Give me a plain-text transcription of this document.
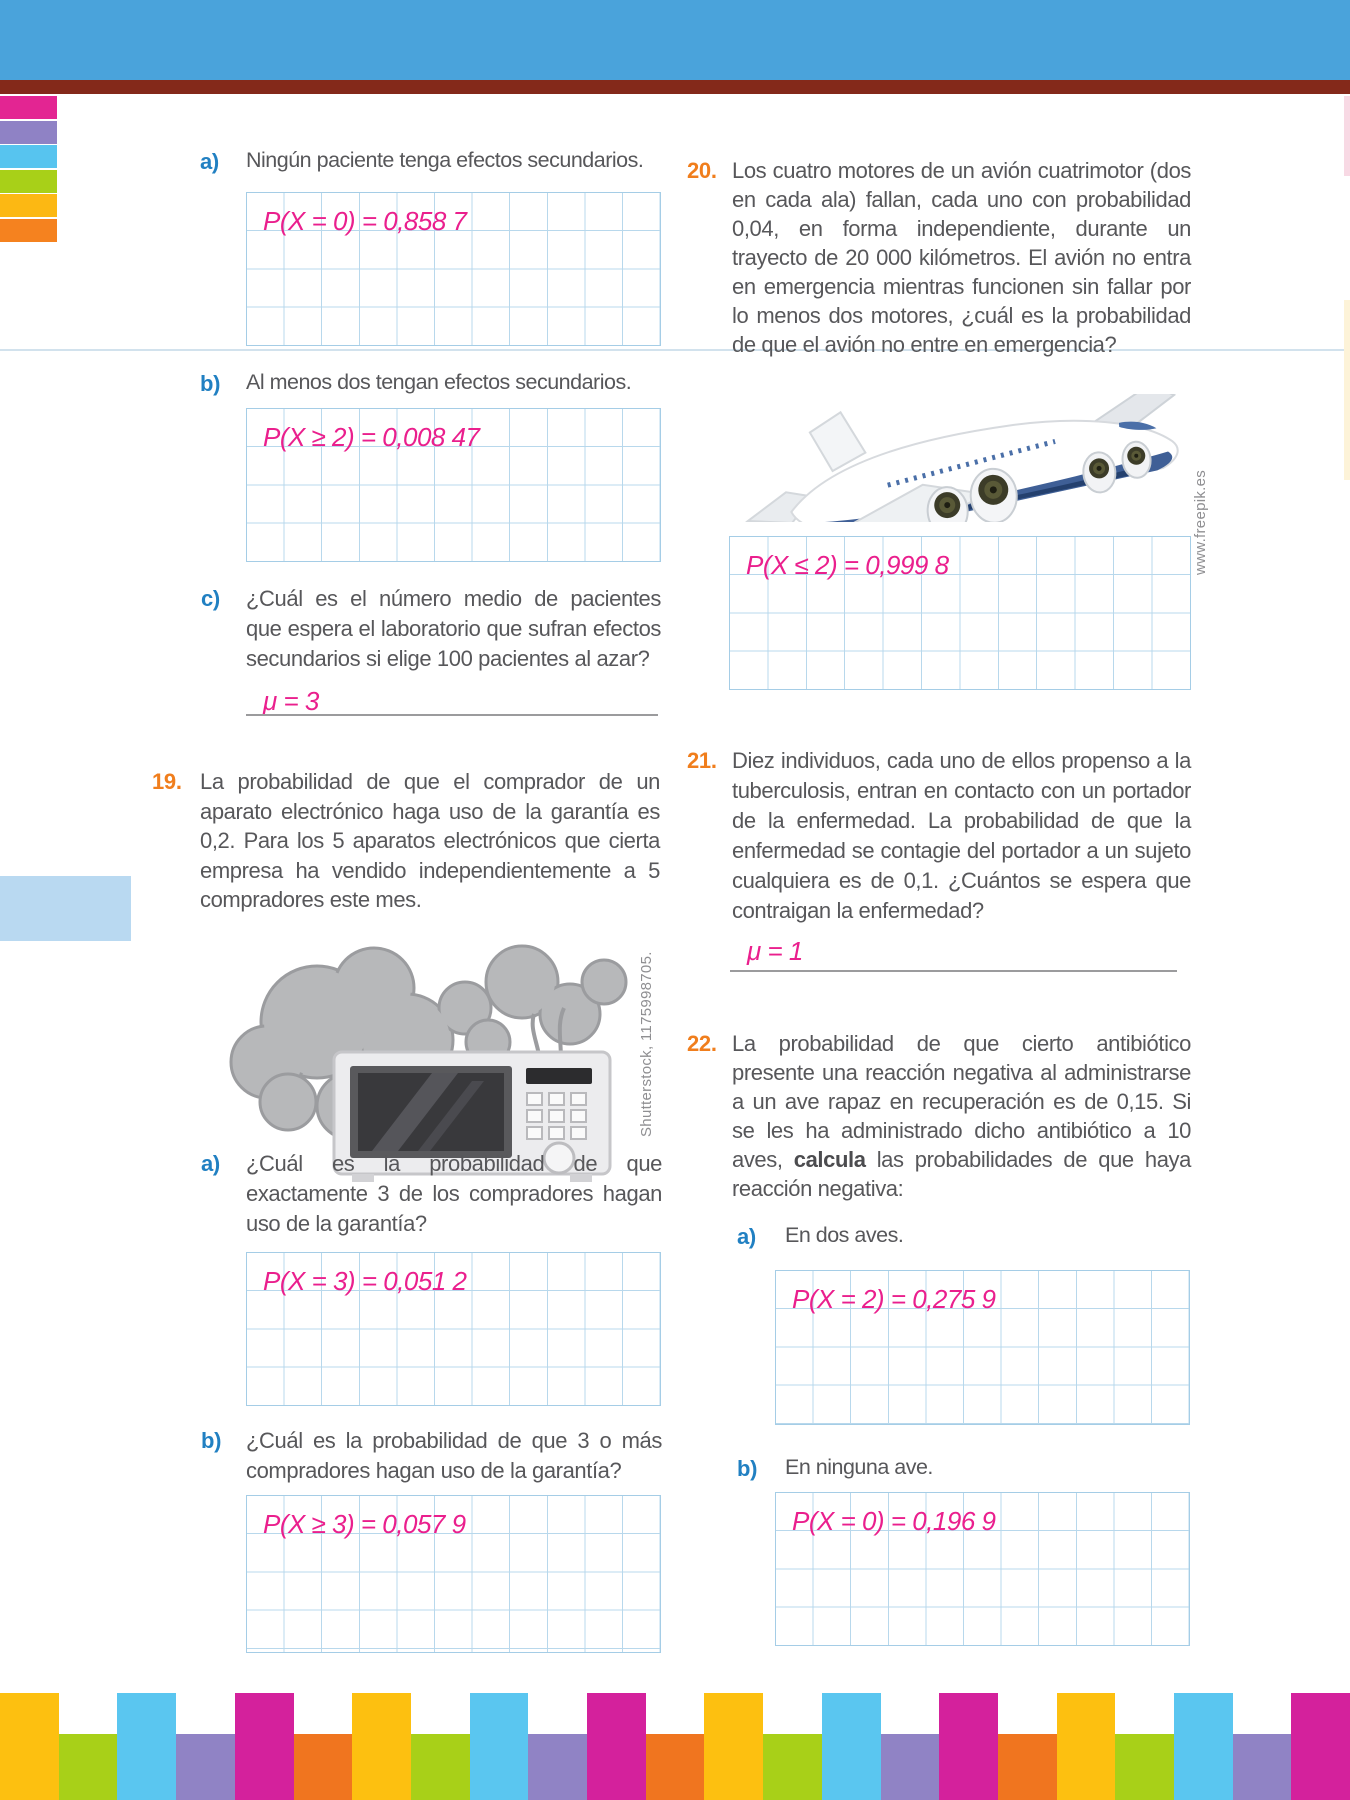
a) Ningún paciente tenga efectos secundarios.
P(X = 0) = 0,858 7
b) Al menos dos tengan efectos secundarios.
P(X ≥ 2) = 0,008 47
c) ¿Cuál es el número medio de pacientes que espera el laboratorio que sufran efectos secundarios si elige 100 pacientes al azar?
μ = 3
19. La probabilidad de que el comprador de un aparato electrónico haga uso de la garantía es 0,2. Para los 5 aparatos electrónicos que cierta empresa ha vendido independientemente a 5 compradores este mes.
Shutterstock, 1175998705.
a) ¿Cuál es la probabilidad de que exactamente 3 de los compradores hagan uso de la garantía?
P(X = 3) = 0,051 2
b) ¿Cuál es la probabilidad de que 3 o más compradores hagan uso de la garantía?
P(X ≥ 3) = 0,057 9
20. Los cuatro motores de un avión cuatrimotor (dos en cada ala) fallan, cada uno con probabilidad 0,04, en forma independiente, durante un trayecto de 20 000 kilómetros. El avión no entra en emergencia mientras funcionen sin fallar por lo menos dos motores, ¿cuál es la probabilidad de que el avión no entre en emergencia?
www.freepik.es
P(X ≤ 2) = 0,999 8
21. Diez individuos, cada uno de ellos propenso a la tuberculosis, entran en contacto con un portador de la enfermedad. La probabilidad de que la enfermedad se contagie del portador a un sujeto cualquiera es de 0,1. ¿Cuántos se espera que contraigan la enfermedad?
μ = 1
22. La probabilidad de que cierto antibiótico presente una reacción negativa al administrarse a un ave rapaz en recuperación es de 0,15. Si se les ha administrado dicho antibiótico a 10 aves, calcula las probabilidades de que haya reacción negativa:
a) En dos aves.
P(X = 2) = 0,275 9
b) En ninguna ave.
P(X = 0) = 0,196 9
